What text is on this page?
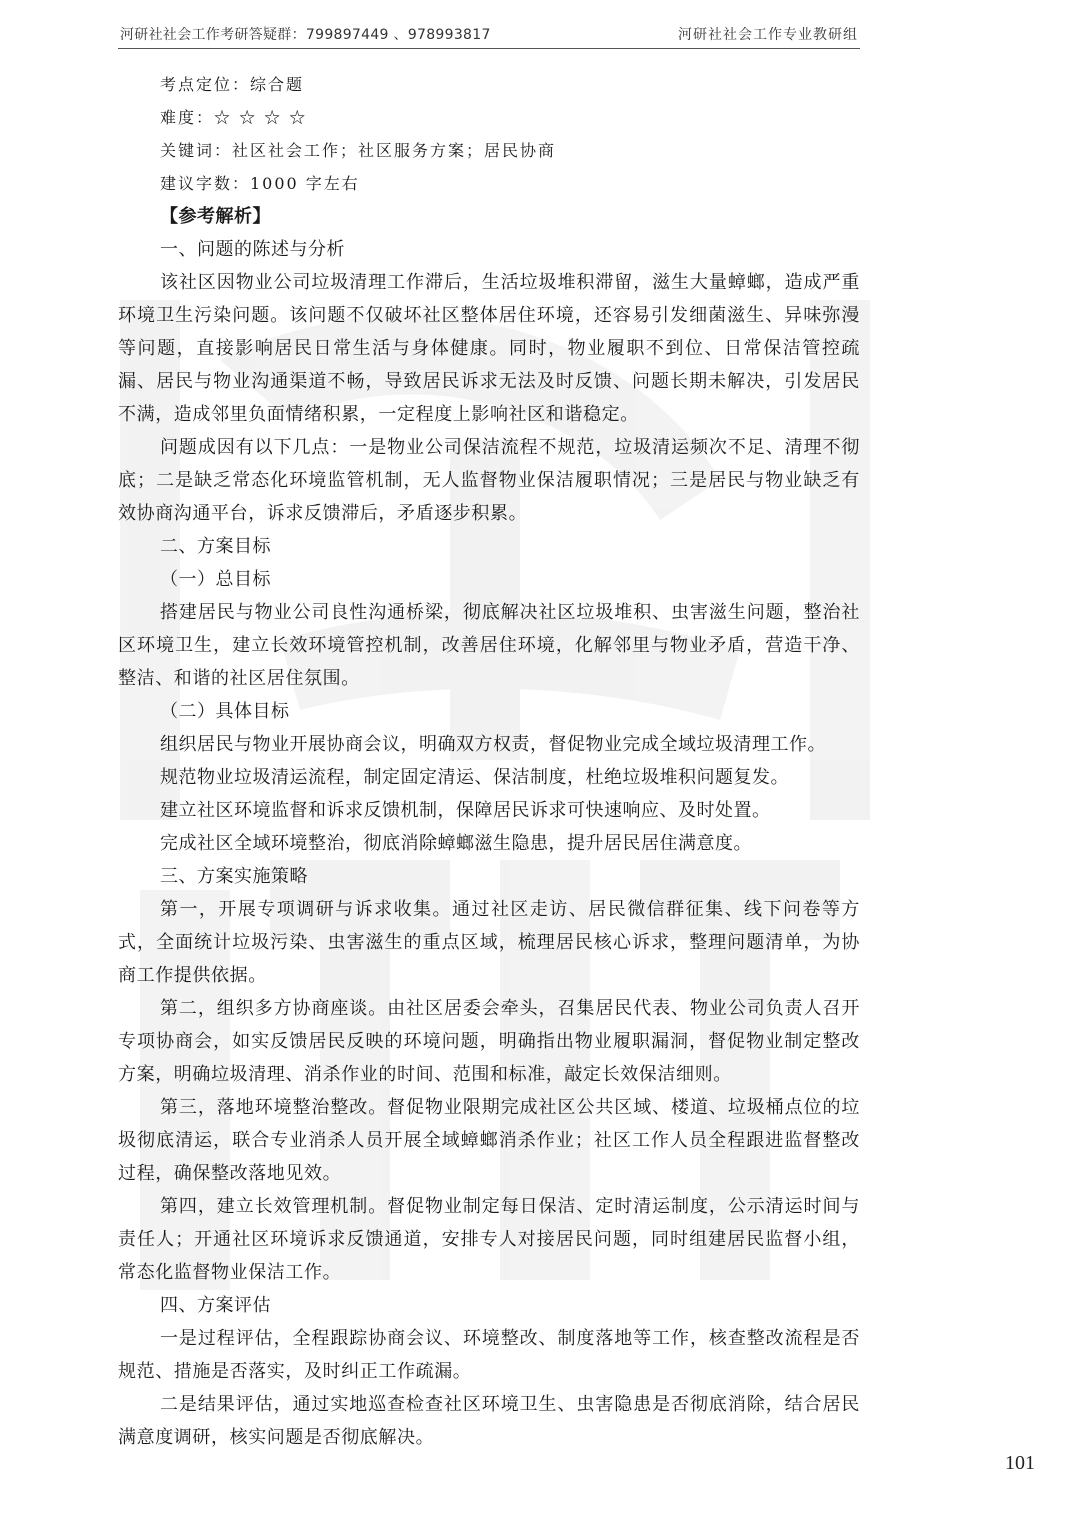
河研社社会工作考研答疑群：799897449 、978993817	河研社社会工作专业教研组
考点定位：综合题
难度：☆ ☆ ☆ ☆
关键词：社区社会工作；社区服务方案；居民协商
建议字数：1000 字左右
【参考解析】
一、问题的陈述与分析
该社区因物业公司垃圾清理工作滞后，生活垃圾堆积滞留，滋生大量蟑螂，造成严重环境卫生污染问题。该问题不仅破坏社区整体居住环境，还容易引发细菌滋生、异味弥漫等问题，直接影响居民日常生活与身体健康。同时，物业履职不到位、日常保洁管控疏漏、居民与物业沟通渠道不畅，导致居民诉求无法及时反馈、问题长期未解决，引发居民不满，造成邻里负面情绪积累，一定程度上影响社区和谐稳定。
问题成因有以下几点：一是物业公司保洁流程不规范，垃圾清运频次不足、清理不彻底；二是缺乏常态化环境监管机制，无人监督物业保洁履职情况；三是居民与物业缺乏有效协商沟通平台，诉求反馈滞后，矛盾逐步积累。
二、方案目标
（一）总目标
搭建居民与物业公司良性沟通桥梁，彻底解决社区垃圾堆积、虫害滋生问题，整治社区环境卫生，建立长效环境管控机制，改善居住环境，化解邻里与物业矛盾，营造干净、整洁、和谐的社区居住氛围。
（二）具体目标
组织居民与物业开展协商会议，明确双方权责，督促物业完成全域垃圾清理工作。
规范物业垃圾清运流程，制定固定清运、保洁制度，杜绝垃圾堆积问题复发。
建立社区环境监督和诉求反馈机制，保障居民诉求可快速响应、及时处置。
完成社区全域环境整治，彻底消除蟑螂滋生隐患，提升居民居住满意度。
三、方案实施策略
第一，开展专项调研与诉求收集。通过社区走访、居民微信群征集、线下问卷等方式，全面统计垃圾污染、虫害滋生的重点区域，梳理居民核心诉求，整理问题清单，为协商工作提供依据。
第二，组织多方协商座谈。由社区居委会牵头，召集居民代表、物业公司负责人召开专项协商会，如实反馈居民反映的环境问题，明确指出物业履职漏洞，督促物业制定整改方案，明确垃圾清理、消杀作业的时间、范围和标准，敲定长效保洁细则。
第三，落地环境整治整改。督促物业限期完成社区公共区域、楼道、垃圾桶点位的垃圾彻底清运，联合专业消杀人员开展全域蟑螂消杀作业；社区工作人员全程跟进监督整改过程，确保整改落地见效。
第四，建立长效管理机制。督促物业制定每日保洁、定时清运制度，公示清运时间与责任人；开通社区环境诉求反馈通道，安排专人对接居民问题，同时组建居民监督小组，常态化监督物业保洁工作。
四、方案评估
一是过程评估，全程跟踪协商会议、环境整改、制度落地等工作，核查整改流程是否规范、措施是否落实，及时纠正工作疏漏。
二是结果评估，通过实地巡查检查社区环境卫生、虫害隐患是否彻底消除，结合居民满意度调研，核实问题是否彻底解决。
101
